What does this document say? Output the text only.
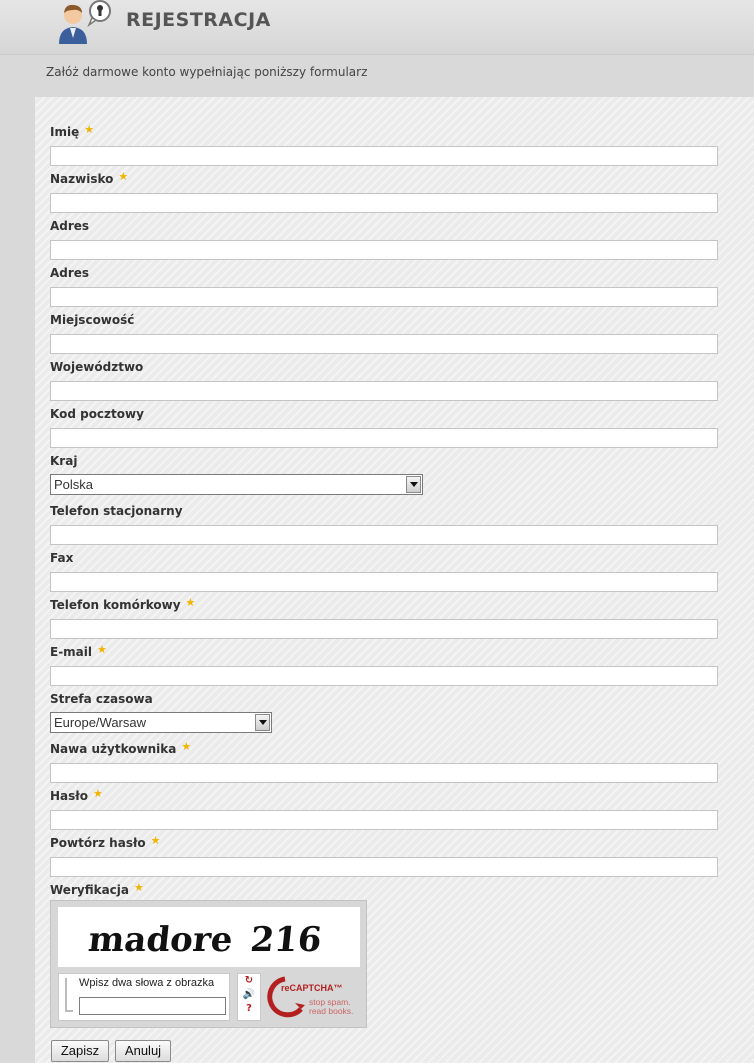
REJESTRACJA
Załóż darmowe konto wypełniając poniższy formularz
Imię ★
Nazwisko ★
Adres
Adres
Miejscowość
Województwo
Kod pocztowy
Kraj
Polska
Telefon stacjonarny
Fax
Telefon komórkowy ★
E-mail ★
Strefa czasowa
Europe/Warsaw
Nawa użytkownika ★
Hasło ★
Powtórz hasło ★
Weryfikacja ★
madore 216
Wpisz dwa słowa z obrazka	↻
🔊
?
reCAPTCHA™
stop spam.
read books.
Zapisz	Anuluj
